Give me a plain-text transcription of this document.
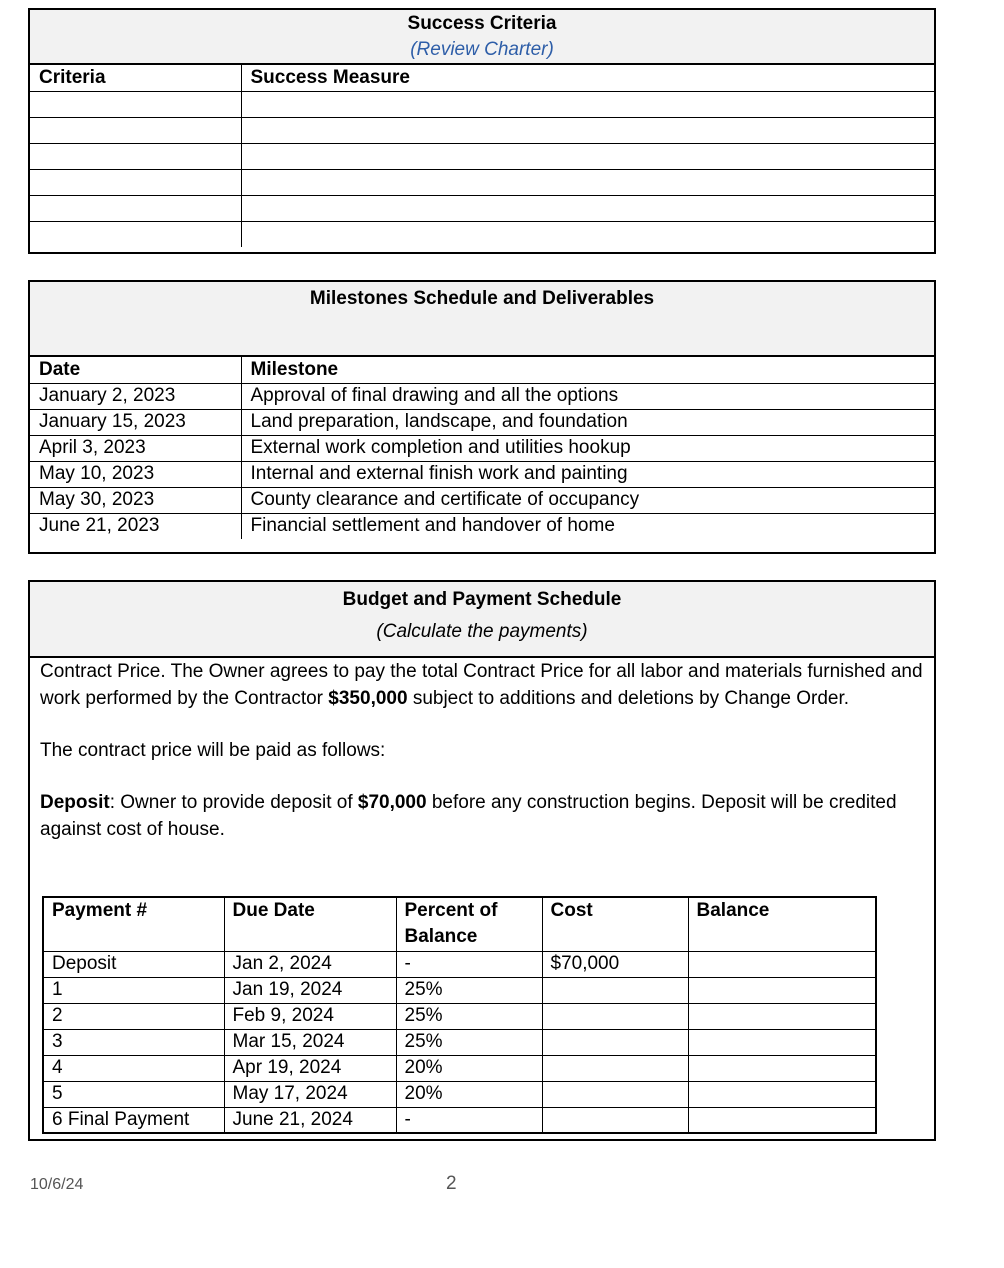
Success Criteria
(Review Charter)
Criteria	Success Measure

Milestones Schedule and Deliverables
Date	Milestone
January 2, 2023	Approval of final drawing and all the options
January 15, 2023	Land preparation, landscape, and foundation
April 3, 2023	External work completion and utilities hookup
May 10, 2023	Internal and external finish work and painting
May 30, 2023	County clearance and certificate of occupancy
June 21, 2023	Financial settlement and handover of home
Budget and Payment Schedule
(Calculate the payments)
Contract Price. The Owner agrees to pay the total Contract Price for all labor and materials furnished and work performed by the Contractor $350,000 subject to additions and deletions by Change Order.
The contract price will be paid as follows:
Deposit: Owner to provide deposit of $70,000 before any construction begins. Deposit will be credited against cost of house.
Payment #	Due Date	Percent of Balance	Cost	Balance
Deposit	Jan 2, 2024	-	$70,000	
1	Jan 19, 2024	25%		
2	Feb 9, 2024	25%		
3	Mar 15, 2024	25%		
4	Apr 19, 2024	20%		
5	May 17, 2024	20%		
6 Final Payment	June 21, 2024	-		
10/6/24	2
